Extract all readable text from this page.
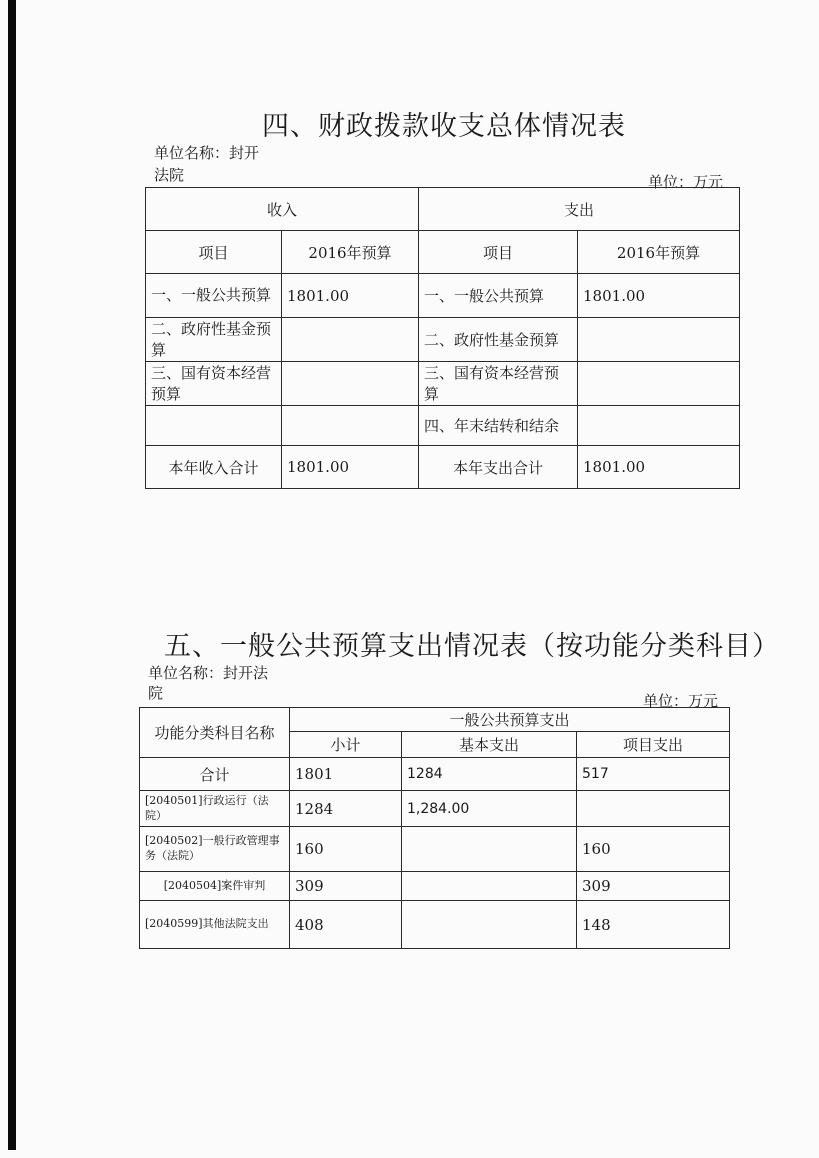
四、财政拨款收支总体情况表
单位名称：封开
法院	单位：万元
收入		支出	
项目	2016年预算	项目	2016年预算
一、一般公共预算	1801.00	一、一般公共预算	1801.00
二、政府性基金预算		二、政府性基金预算	
三、国有资本经营预算		三、国有资本经营预算	
		四、年末结转和结余	
本年收入合计	1801.00	本年支出合计	1801.00
五、一般公共预算支出情况表（按功能分类科目）
单位名称：封开法
院	单位：万元
功能分类科目名称	一般公共预算支出		
	小计	基本支出	项目支出
合计	1801	1284	517
[2040501]行政运行（法院）	1284	1,284.00	
[2040502]一般行政管理事务（法院）	160		160
[2040504]案件审判	309		309
[2040599]其他法院支出	408		148
